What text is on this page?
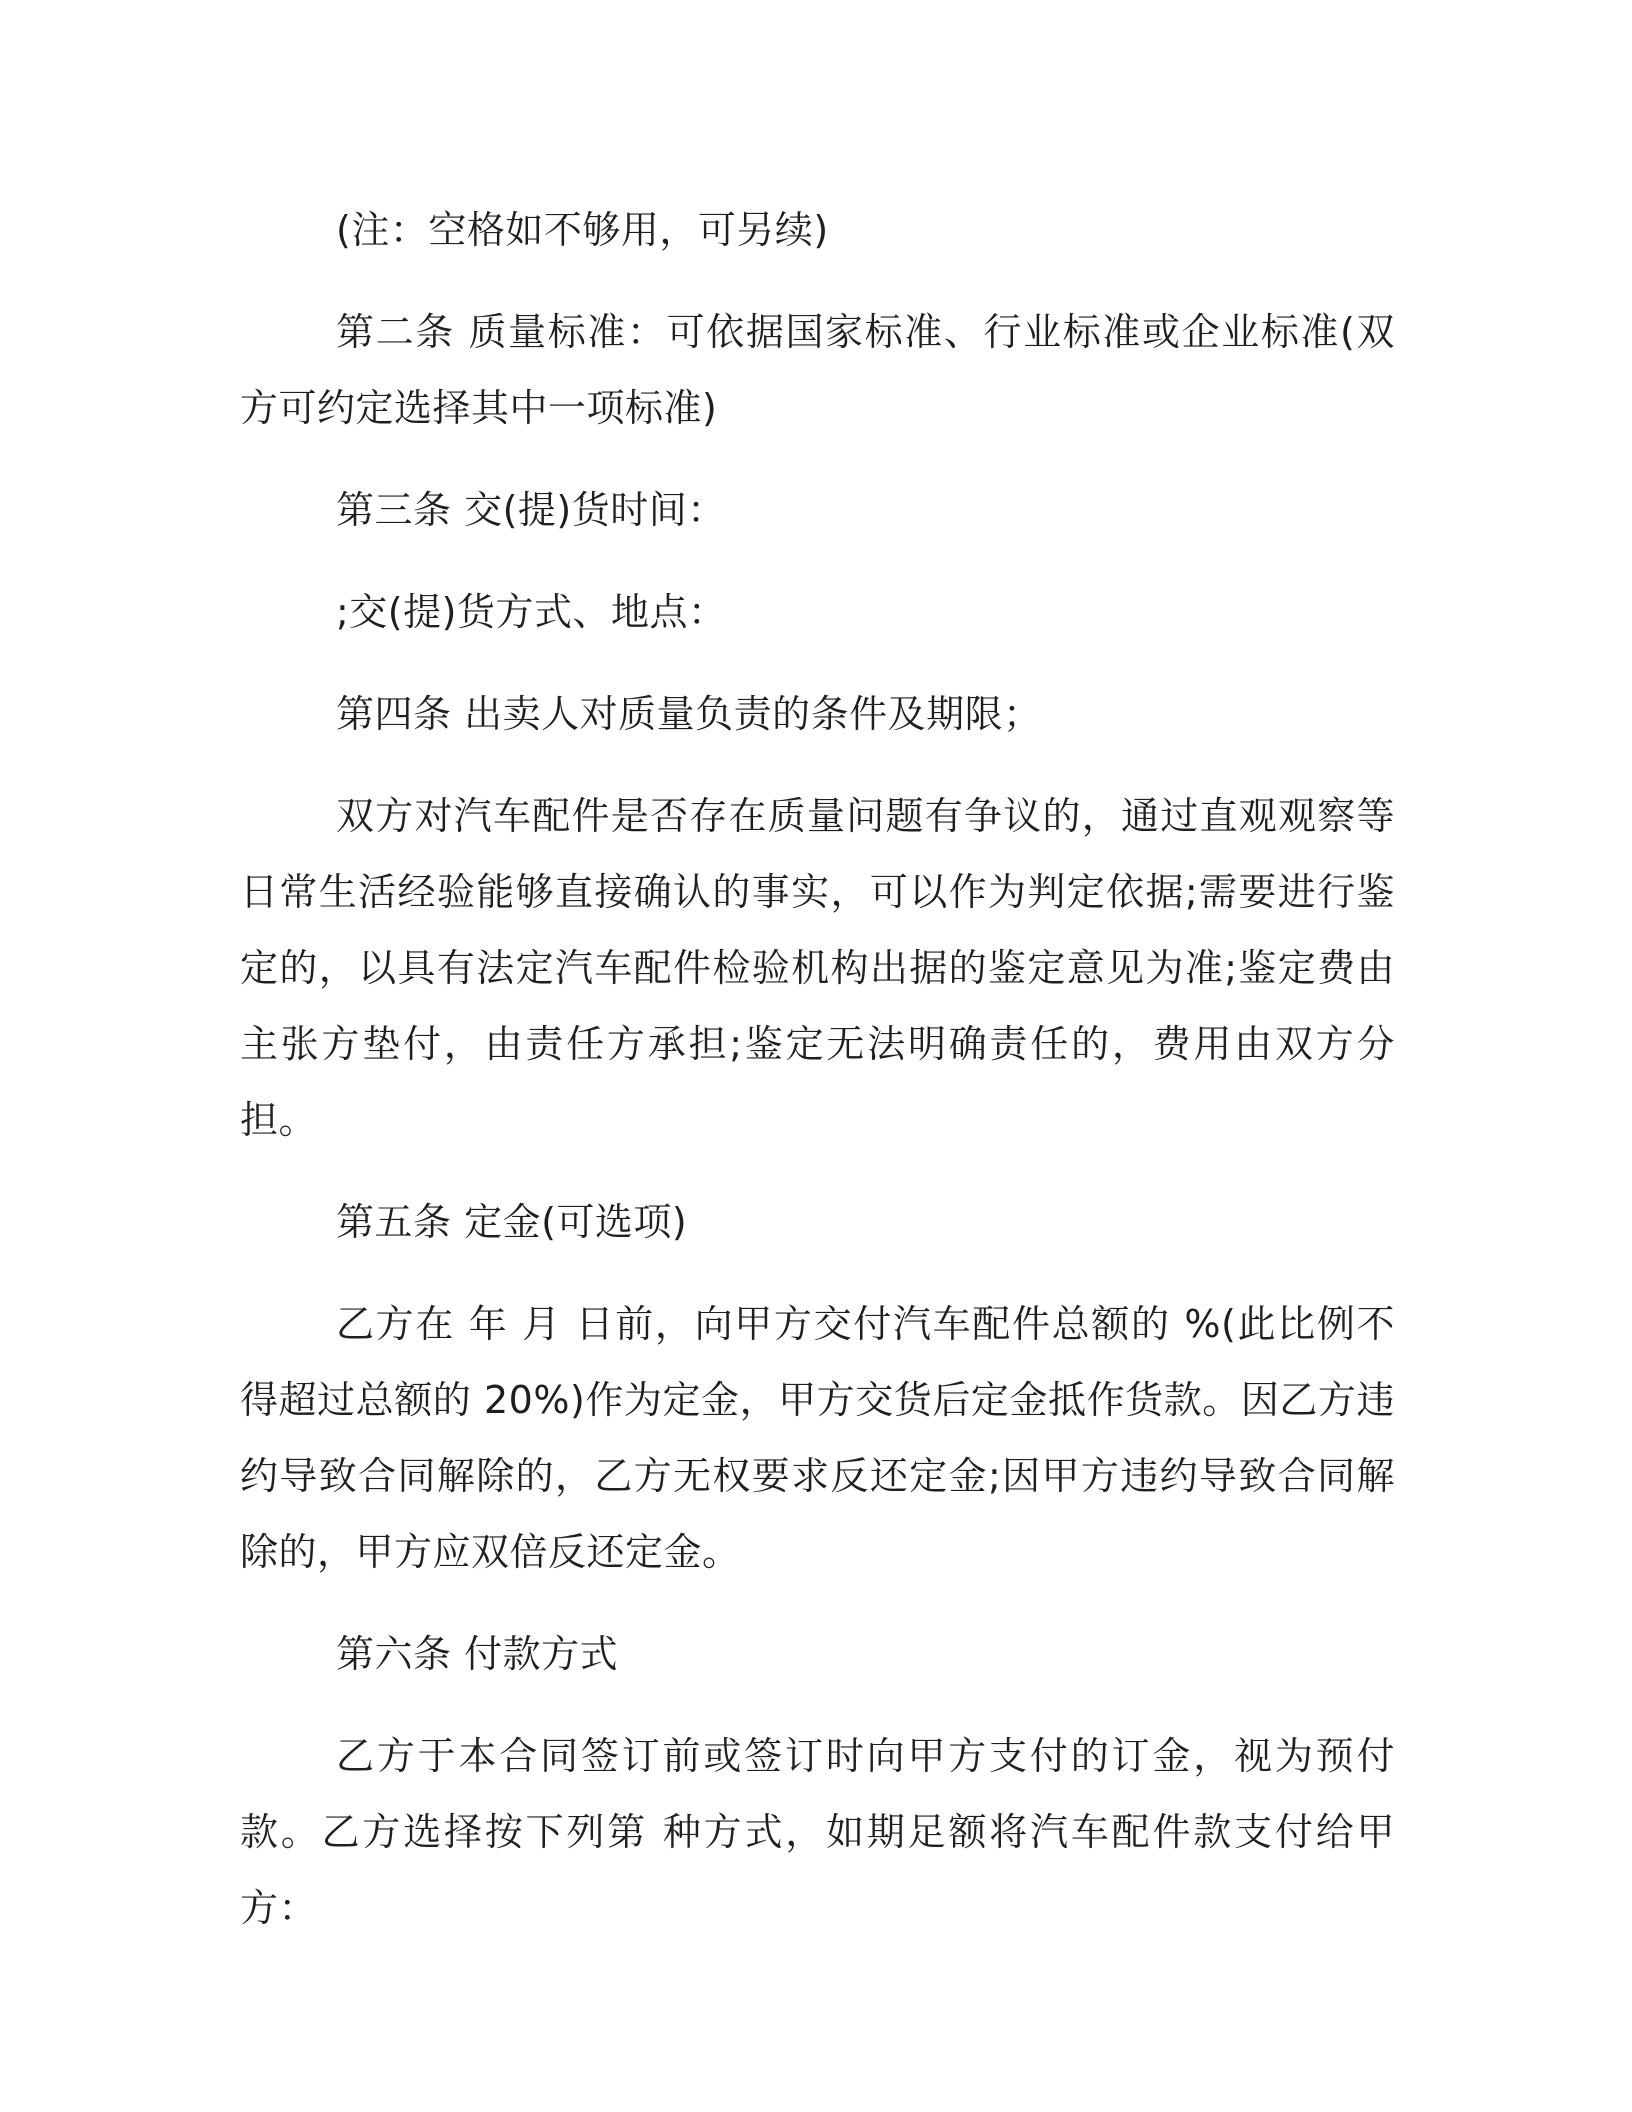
(注：空格如不够用，可另续)

第二条 质量标准：可依据国家标准、行业标准或企业标准(双 方可约定选择其中一项标准)

第三条 交(提)货时间：

;交(提)货方式、地点：

第四条 出卖人对质量负责的条件及期限；

双方对汽车配件是否存在质量问题有争议的，通过直观观察等日常生活经验能够直接确认的事实，可以作为判定依据;需要进行鉴定的，以具有法定汽车配件检验机构出据的鉴定意见为准;鉴定费由主张方垫付，由责任方承担;鉴定无法明确责任的，费用由双方分担。

第五条 定金(可选项)

乙方在 年 月 日前，向甲方交付汽车配件总额的 %(此比例不得超过总额的 20%)作为定金，甲方交货后定金抵作货款。因乙方违约导致合同解除的，乙方无权要求反还定金;因甲方违约导致合同解除的，甲方应双倍反还定金。

第六条 付款方式

乙方于本合同签订前或签订时向甲方支付的订金，视为预付款。乙方选择按下列第 种方式，如期足额将汽车配件款支付给甲方：
